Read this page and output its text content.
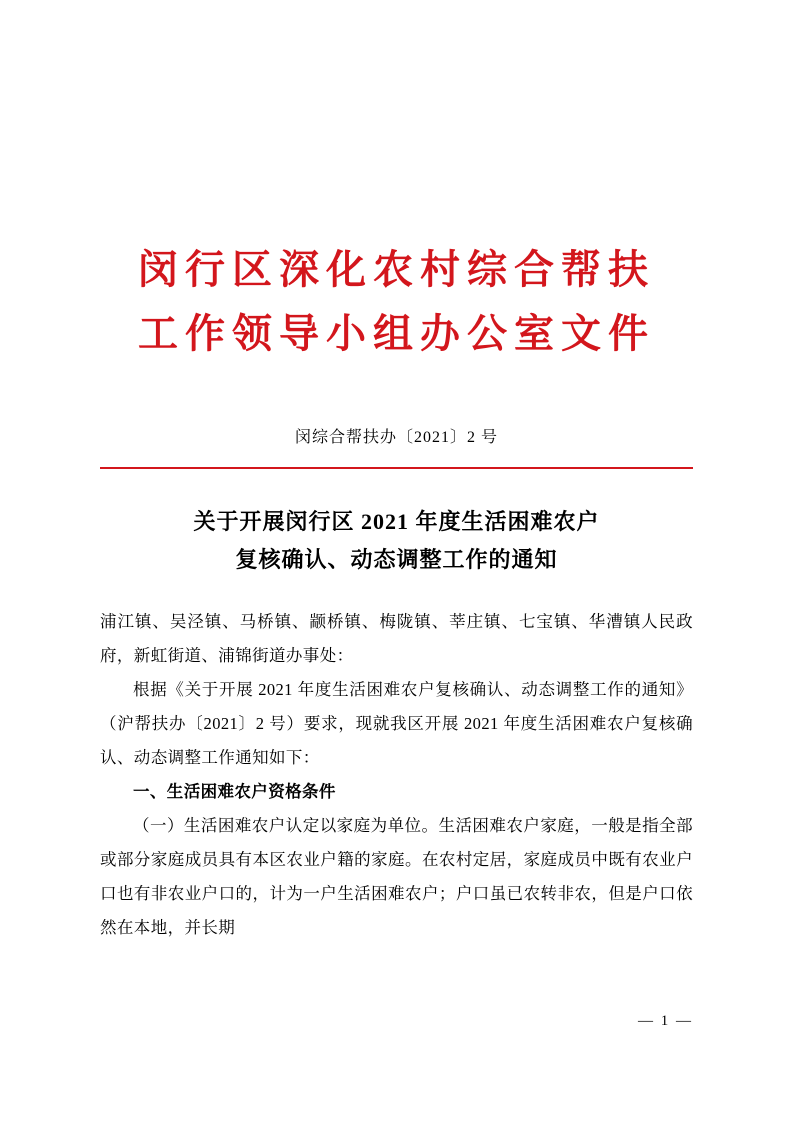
闵行区深化农村综合帮扶
工作领导小组办公室文件
闵综合帮扶办〔2021〕2 号
关于开展闵行区 2021 年度生活困难农户
复核确认、动态调整工作的通知

浦江镇、吴泾镇、马桥镇、颛桥镇、梅陇镇、莘庄镇、七宝镇、华漕镇人民政府，新虹街道、浦锦街道办事处：

根据《关于开展 2021 年度生活困难农户复核确认、动态调整工作的通知》（沪帮扶办〔2021〕2 号）要求，现就我区开展 2021 年度生活困难农户复核确认、动态调整工作通知如下：

一、生活困难农户资格条件

（一）生活困难农户认定以家庭为单位。生活困难农户家庭，一般是指全部或部分家庭成员具有本区农业户籍的家庭。在农村定居，家庭成员中既有农业户口也有非农业户口的，计为一户生活困难农户；户口虽已农转非农，但是户口依然在本地，并长期

— 1 —
